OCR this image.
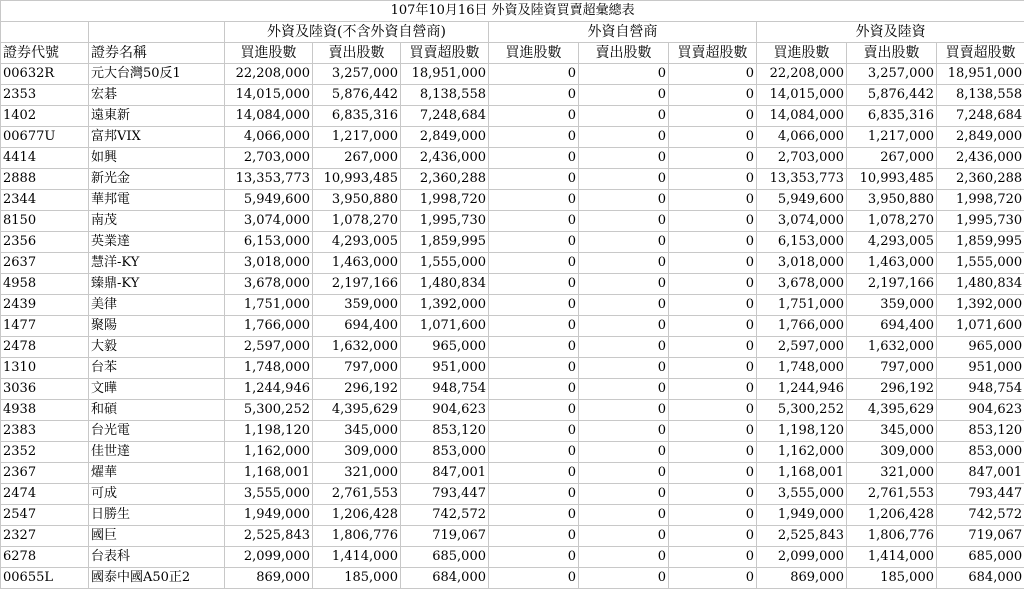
107年10月16日 外資及陸資買賣超彙總表										
		外資及陸資(不含外資自營商)			外資自營商			外資及陸資		
證券代號	證券名稱	買進股數	賣出股數	買賣超股數	買進股數	賣出股數	買賣超股數	買進股數	賣出股數	買賣超股數
00632R	元大台灣50反1	22,208,000	3,257,000	18,951,000	0	0	0	22,208,000	3,257,000	18,951,000
2353	宏碁	14,015,000	5,876,442	8,138,558	0	0	0	14,015,000	5,876,442	8,138,558
1402	遠東新	14,084,000	6,835,316	7,248,684	0	0	0	14,084,000	6,835,316	7,248,684
00677U	富邦VIX	4,066,000	1,217,000	2,849,000	0	0	0	4,066,000	1,217,000	2,849,000
4414	如興	2,703,000	267,000	2,436,000	0	0	0	2,703,000	267,000	2,436,000
2888	新光金	13,353,773	10,993,485	2,360,288	0	0	0	13,353,773	10,993,485	2,360,288
2344	華邦電	5,949,600	3,950,880	1,998,720	0	0	0	5,949,600	3,950,880	1,998,720
8150	南茂	3,074,000	1,078,270	1,995,730	0	0	0	3,074,000	1,078,270	1,995,730
2356	英業達	6,153,000	4,293,005	1,859,995	0	0	0	6,153,000	4,293,005	1,859,995
2637	慧洋-KY	3,018,000	1,463,000	1,555,000	0	0	0	3,018,000	1,463,000	1,555,000
4958	臻鼎-KY	3,678,000	2,197,166	1,480,834	0	0	0	3,678,000	2,197,166	1,480,834
2439	美律	1,751,000	359,000	1,392,000	0	0	0	1,751,000	359,000	1,392,000
1477	聚陽	1,766,000	694,400	1,071,600	0	0	0	1,766,000	694,400	1,071,600
2478	大毅	2,597,000	1,632,000	965,000	0	0	0	2,597,000	1,632,000	965,000
1310	台苯	1,748,000	797,000	951,000	0	0	0	1,748,000	797,000	951,000
3036	文曄	1,244,946	296,192	948,754	0	0	0	1,244,946	296,192	948,754
4938	和碩	5,300,252	4,395,629	904,623	0	0	0	5,300,252	4,395,629	904,623
2383	台光電	1,198,120	345,000	853,120	0	0	0	1,198,120	345,000	853,120
2352	佳世達	1,162,000	309,000	853,000	0	0	0	1,162,000	309,000	853,000
2367	燿華	1,168,001	321,000	847,001	0	0	0	1,168,001	321,000	847,001
2474	可成	3,555,000	2,761,553	793,447	0	0	0	3,555,000	2,761,553	793,447
2547	日勝生	1,949,000	1,206,428	742,572	0	0	0	1,949,000	1,206,428	742,572
2327	國巨	2,525,843	1,806,776	719,067	0	0	0	2,525,843	1,806,776	719,067
6278	台表科	2,099,000	1,414,000	685,000	0	0	0	2,099,000	1,414,000	685,000
00655L	國泰中國A50正2	869,000	185,000	684,000	0	0	0	869,000	185,000	684,000
